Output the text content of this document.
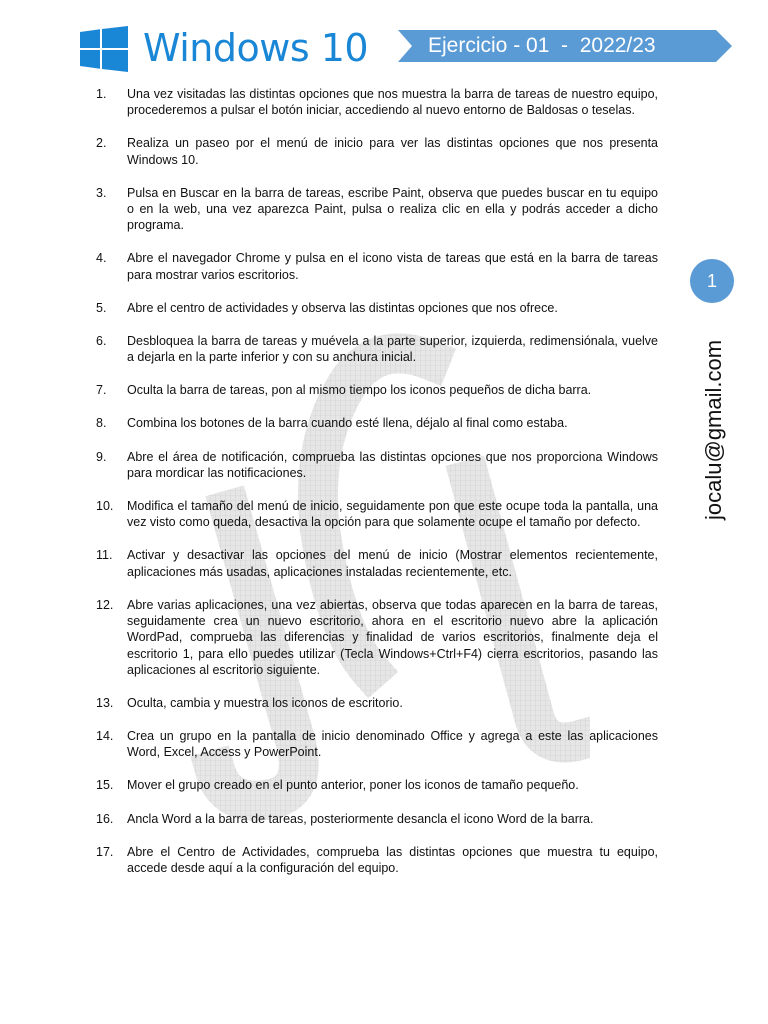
Windows 10	Ejercicio - 01  -  2022/23
1
jocalu@gmail.com
1. Una vez visitadas las distintas opciones que nos muestra la barra de tareas de nuestro equipo, procederemos a pulsar el botón iniciar, accediendo al nuevo entorno de Baldosas o teselas.
2. Realiza un paseo por el menú de inicio para ver las distintas opciones que nos presenta Windows 10.
3. Pulsa en Buscar en la barra de tareas, escribe Paint, observa que puedes buscar en tu equipo o en la web, una vez aparezca Paint, pulsa o realiza clic en ella y podrás acceder a dicho programa.
4. Abre el navegador Chrome y pulsa en el icono vista de tareas que está en la barra de tareas para mostrar varios escritorios.
5. Abre el centro de actividades y observa las distintas opciones que nos ofrece.
6. Desbloquea la barra de tareas y muévela a la parte superior, izquierda, redimensiónala, vuelve a dejarla en la parte inferior y con su anchura inicial.
7. Oculta la barra de tareas, pon al mismo tiempo los iconos pequeños de dicha barra.
8. Combina los botones de la barra cuando esté llena, déjalo al final como estaba.
9. Abre el área de notificación, comprueba las distintas opciones que nos proporciona Windows para mordicar las notificaciones.
10. Modifica el tamaño del menú de inicio, seguidamente pon que este ocupe toda la pantalla, una vez visto como queda, desactiva la opción para que solamente ocupe el tamaño por defecto.
11. Activar y desactivar las opciones del menú de inicio (Mostrar elementos recientemente, aplicaciones más usadas, aplicaciones instaladas recientemente, etc.
12. Abre varias aplicaciones, una vez abiertas, observa que todas aparecen en la barra de tareas, seguidamente crea un nuevo escritorio, ahora en el escritorio nuevo abre la aplicación WordPad, comprueba las diferencias y finalidad de varios escritorios, finalmente deja el escritorio 1, para ello puedes utilizar (Tecla Windows+Ctrl+F4) cierra escritorios, pasando las aplicaciones al escritorio siguiente.
13. Oculta, cambia y muestra los iconos de escritorio.
14. Crea un grupo en la pantalla de inicio denominado Office y agrega a este las aplicaciones Word, Excel, Access y PowerPoint.
15. Mover el grupo creado en el punto anterior, poner los iconos de tamaño pequeño.
16. Ancla Word a la barra de tareas, posteriormente desancla el icono Word de la barra.
17. Abre el Centro de Actividades, comprueba las distintas opciones que muestra tu equipo, accede desde aquí a la configuración del equipo.
